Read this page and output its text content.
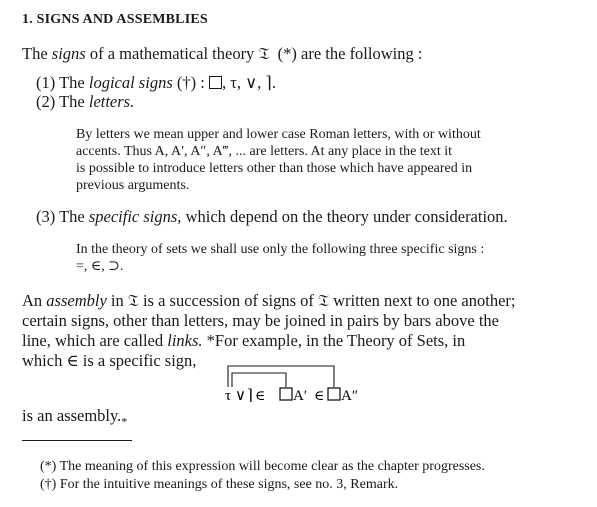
1. SIGNS AND ASSEMBLIES
The signs of a mathematical theory 𝔗 (*) are the following :
(1) The logical signs (†) : , τ, ∨, ⌉.
(2) The letters.
By letters we mean upper and lower case Roman letters, with or without
accents. Thus A, A′, A″, A‴, ... are letters. At any place in the text it
is possible to introduce letters other than those which have appeared in
previous arguments.
(3) The specific signs, which depend on the theory under consideration.
In the theory of sets we shall use only the following three specific signs :
=, ∈, ⊃.
An assembly in 𝔗 is a succession of signs of 𝔗 written next to one another;
certain signs, other than letters, may be joined in pairs by bars above the
line, which are called links. *For example, in the Theory of Sets, in
which ∈ is a specific sign,
τ ∨ ⌉ ∈ A′ ∈ A″
is an $assembly._*$
(*) The meaning of this expression will become clear as the chapter progresses.
(†) For the intuitive meanings of these signs, see no. 3, Remark.
